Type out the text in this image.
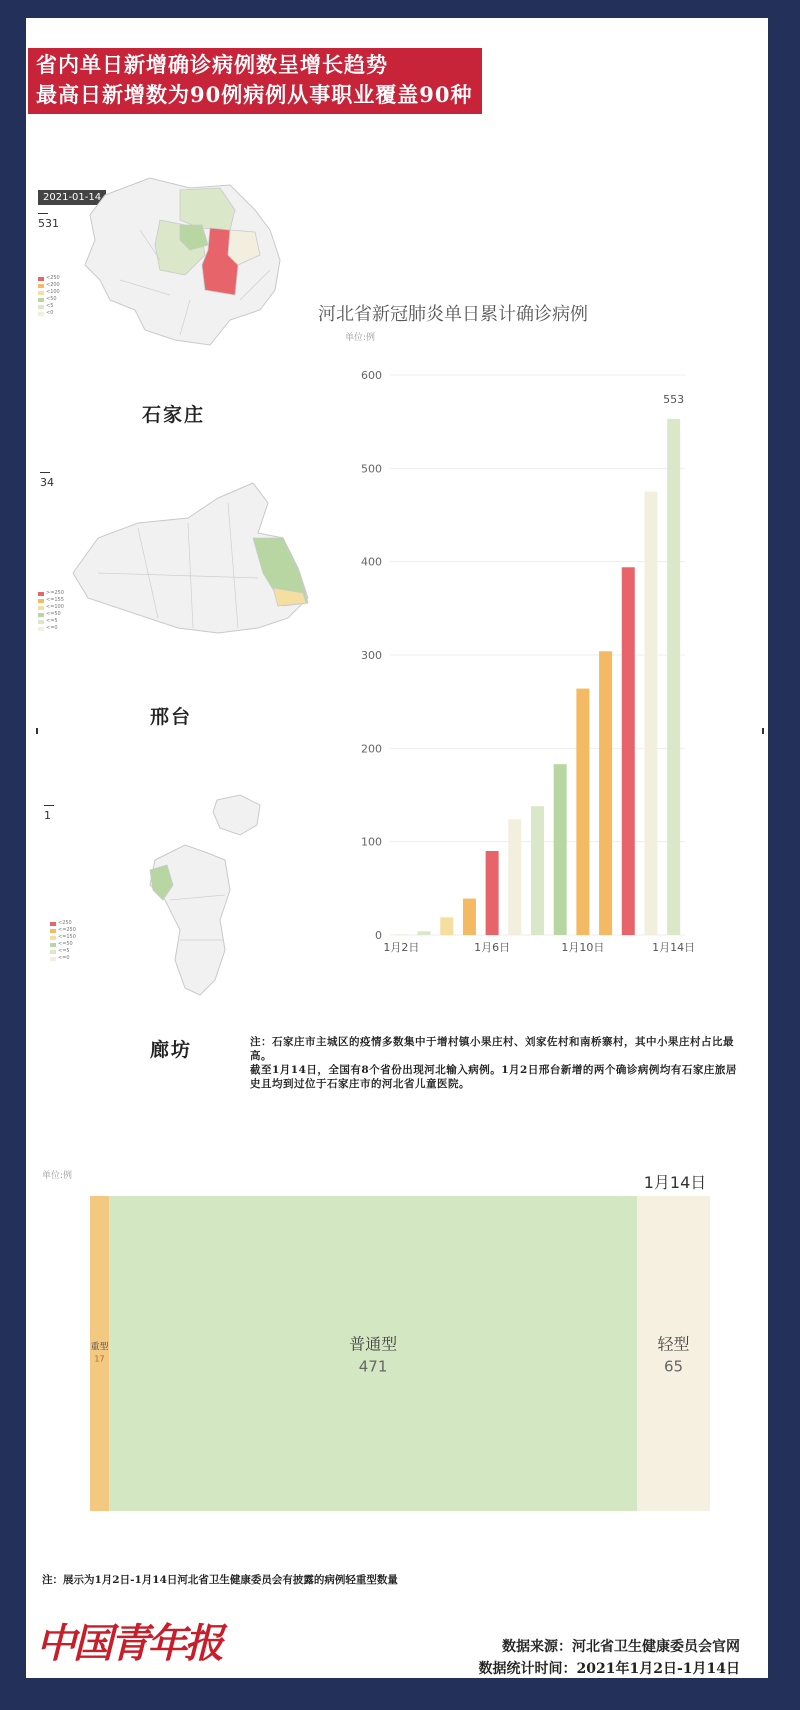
省内单日新增确诊病例数呈增长趋势
最高日新增数为90例病例从事职业覆盖90种
2021-01-14
531
<250
<200
<100
<50
<5
<0
石家庄
34
>=250
<=155
<=100
<=50
<=5
<=0
邢台
1
<250
<=250
<=150
<=50
<=5
<=0
廊坊
河北省新冠肺炎单日累计确诊病例
单位:例
0
100
200
300
400
500
600
1月2日	1月6日	1月10日	1月14日
553

注：石家庄市主城区的疫情多数集中于增村镇小果庄村、刘家佐村和南桥寨村，其中小果庄村占比最高。

截至1月14日，全国有8个省份出现河北输入病例。1月2日邢台新增的两个确诊病例均有石家庄旅居史且均到过位于石家庄市的河北省儿童医院。

单位:例	1月14日
重型
17
普通型
471
轻型
65
注：展示为1月2日-1月14日河北省卫生健康委员会有披露的病例轻重型数量
中国青年报	数据来源：河北省卫生健康委员会官网
数据统计时间：2021年1月2日-1月14日
